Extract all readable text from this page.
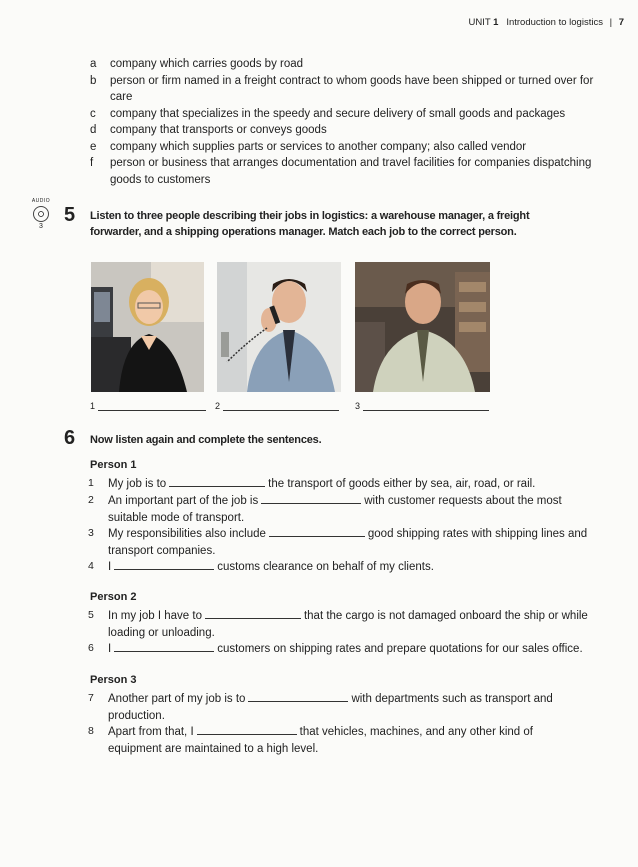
UNIT 1 Introduction to logistics | 7
a	company which carries goods by road
b	person or firm named in a freight contract to whom goods have been shipped or turned over for care
c	company that specializes in the speedy and secure delivery of small goods and packages
d	company that transports or conveys goods
e	company which supplies parts or services to another company; also called vendor
f	person or business that arranges documentation and travel facilities for companies dispatching goods to customers
AUDIO
3
5 Listen to three people describing their jobs in logistics: a warehouse manager, a freight forwarder, and a shipping operations manager. Match each job to the correct person.
1	2	3
6 Now listen again and complete the sentences.
Person 1
1	My job is to	the transport of goods either by sea, air, road, or rail.
2	An important part of the job is	with customer requests about the most suitable mode of transport.
3	My responsibilities also include	good shipping rates with shipping lines and transport companies.
4	I	customs clearance on behalf of my clients.
Person 2
5	In my job I have to	that the cargo is not damaged onboard the ship or while loading or unloading.
6	I	customers on shipping rates and prepare quotations for our sales office.
Person 3
7	Another part of my job is to	with departments such as transport and production.
8	Apart from that, I	that vehicles, machines, and any other kind of equipment are maintained to a high level.
